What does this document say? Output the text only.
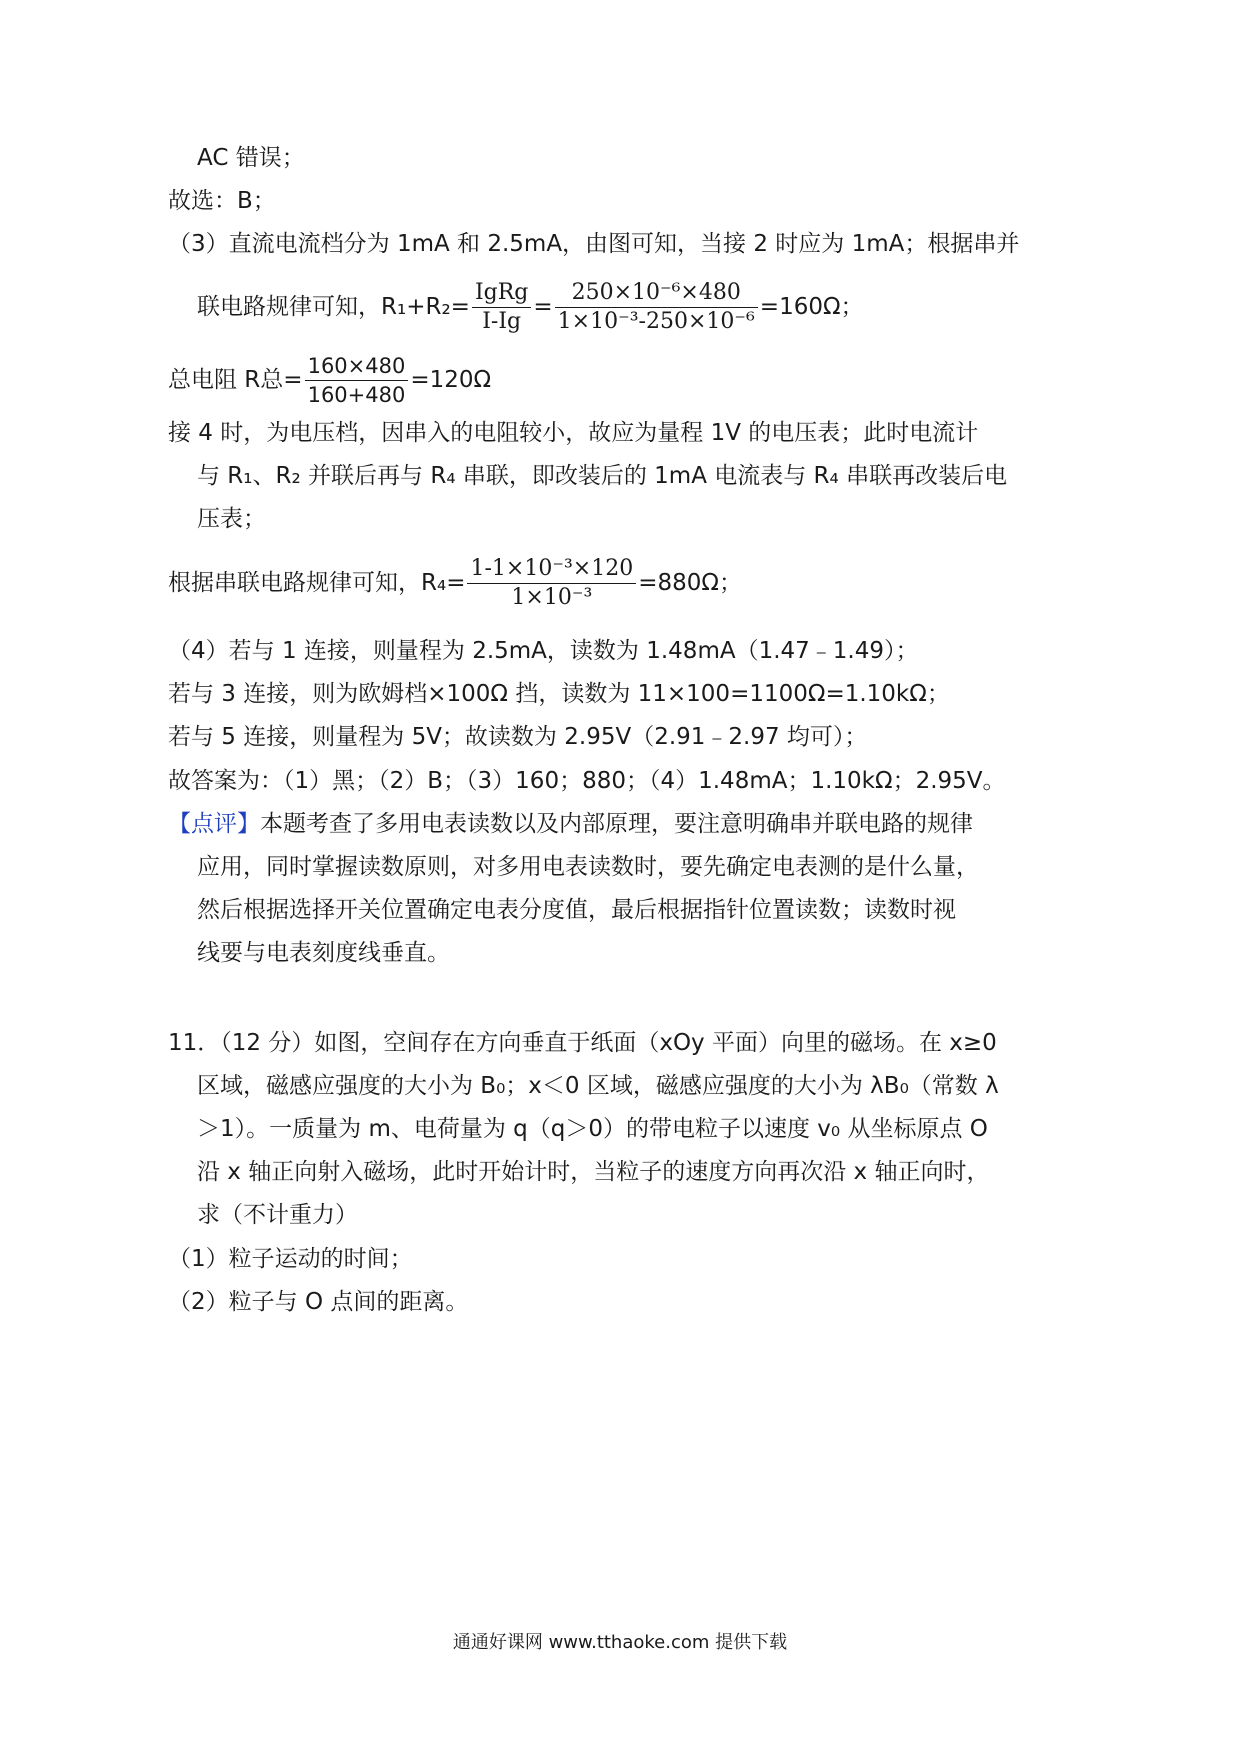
AC 错误；
故选：B；
（3）直流电流档分为 1mA 和 2.5mA，由图可知，当接 2 时应为 1mA；根据串并
联电路规律可知，$R_1+R_2= \frac{\text{IgRg}}{I-Ig} = \frac{\text{250×10⁻⁶×480}}{\text{1×10⁻³-250×10⁻⁶}} =160\Omega$；
总电阻 R总= $\frac{160\times 480}{160+480} =120\Omega$
接 4 时，为电压档，因串入的电阻较小，故应为量程 1V 的电压表；此时电流计
与 R₁、R₂ 并联后再与 R₄ 串联，即改装后的 1mA 电流表与 R₄ 串联再改装后电
压表；
根据串联电路规律可知，$R_4= \frac{\text{1-1×10⁻³×120}}{\text{1×10⁻³}} =880\Omega$；
（4）若与 1 连接，则量程为 2.5mA，读数为 1.48mA（1.47﹣1.49）；
若与 3 连接，则为欧姆档×100Ω 挡，读数为 11×100=1100Ω=1.10kΩ；
若与 5 连接，则量程为 5V；故读数为 2.95V（2.91﹣2.97 均可）；
故答案为：（1）黑；（2）B；（3）160；880；（4）1.48mA；1.10kΩ；2.95V。
【点评】本题考查了多用电表读数以及内部原理，要注意明确串并联电路的规律
应用，同时掌握读数原则，对多用电表读数时，要先确定电表测的是什么量，
然后根据选择开关位置确定电表分度值，最后根据指针位置读数；读数时视
线要与电表刻度线垂直。
11．（12 分）如图，空间存在方向垂直于纸面（xOy 平面）向里的磁场。在 x≥0
区域，磁感应强度的大小为 B₀；x＜0 区域，磁感应强度的大小为 λB₀（常数 λ
＞1）。一质量为 m、电荷量为 q（q＞0）的带电粒子以速度 v₀ 从坐标原点 O
沿 x 轴正向射入磁场，此时开始计时，当粒子的速度方向再次沿 x 轴正向时，
求（不计重力）
（1）粒子运动的时间；
（2）粒子与 O 点间的距离。
通通好课网 www.tthaoke.com 提供下载
